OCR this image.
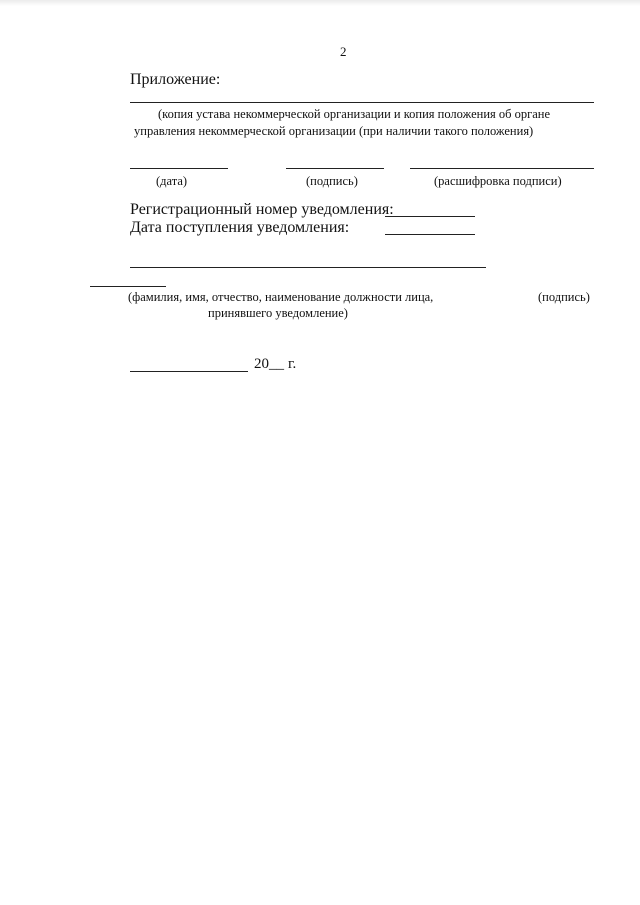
2
Приложение:
(копия устава некоммерческой организации и копия положения об органе
управления некоммерческой организации (при наличии такого положения)
(дата)	(подпись)	(расшифровка подписи)
Регистрационный номер уведомления:
Дата поступления уведомления:
(фамилия, имя, отчество, наименование должности лица,	(подпись)
принявшего уведомление)
20__ г.
